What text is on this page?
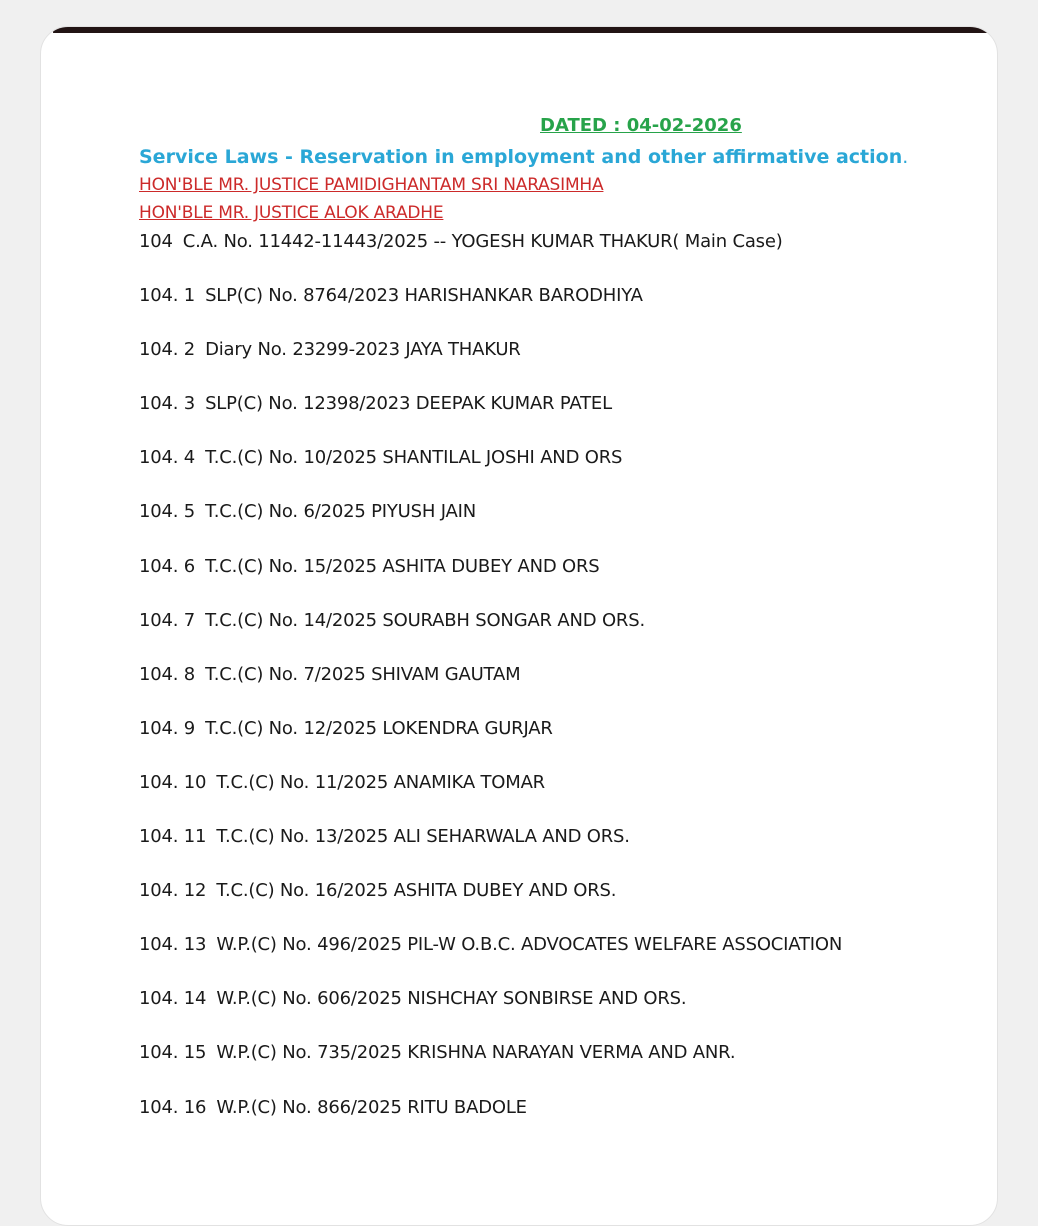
DATED : 04-02-2026
Service Laws - Reservation in employment and other affirmative action.
HON'BLE MR. JUSTICE PAMIDIGHANTAM SRI NARASIMHA
HON'BLE MR. JUSTICE ALOK ARADHE
104 C.A. No. 11442-11443/2025 -- YOGESH KUMAR THAKUR( Main Case)
104. 1 SLP(C) No. 8764/2023 HARISHANKAR BARODHIYA
104. 2 Diary No. 23299-2023 JAYA THAKUR
104. 3 SLP(C) No. 12398/2023 DEEPAK KUMAR PATEL
104. 4 T.C.(C) No. 10/2025 SHANTILAL JOSHI AND ORS
104. 5 T.C.(C) No. 6/2025 PIYUSH JAIN
104. 6 T.C.(C) No. 15/2025 ASHITA DUBEY AND ORS
104. 7 T.C.(C) No. 14/2025 SOURABH SONGAR AND ORS.
104. 8 T.C.(C) No. 7/2025 SHIVAM GAUTAM
104. 9 T.C.(C) No. 12/2025 LOKENDRA GURJAR
104. 10 T.C.(C) No. 11/2025 ANAMIKA TOMAR
104. 11 T.C.(C) No. 13/2025 ALI SEHARWALA AND ORS.
104. 12 T.C.(C) No. 16/2025 ASHITA DUBEY AND ORS.
104. 13 W.P.(C) No. 496/2025 PIL-W O.B.C. ADVOCATES WELFARE ASSOCIATION
104. 14 W.P.(C) No. 606/2025 NISHCHAY SONBIRSE AND ORS.
104. 15 W.P.(C) No. 735/2025 KRISHNA NARAYAN VERMA AND ANR.
104. 16 W.P.(C) No. 866/2025 RITU BADOLE
